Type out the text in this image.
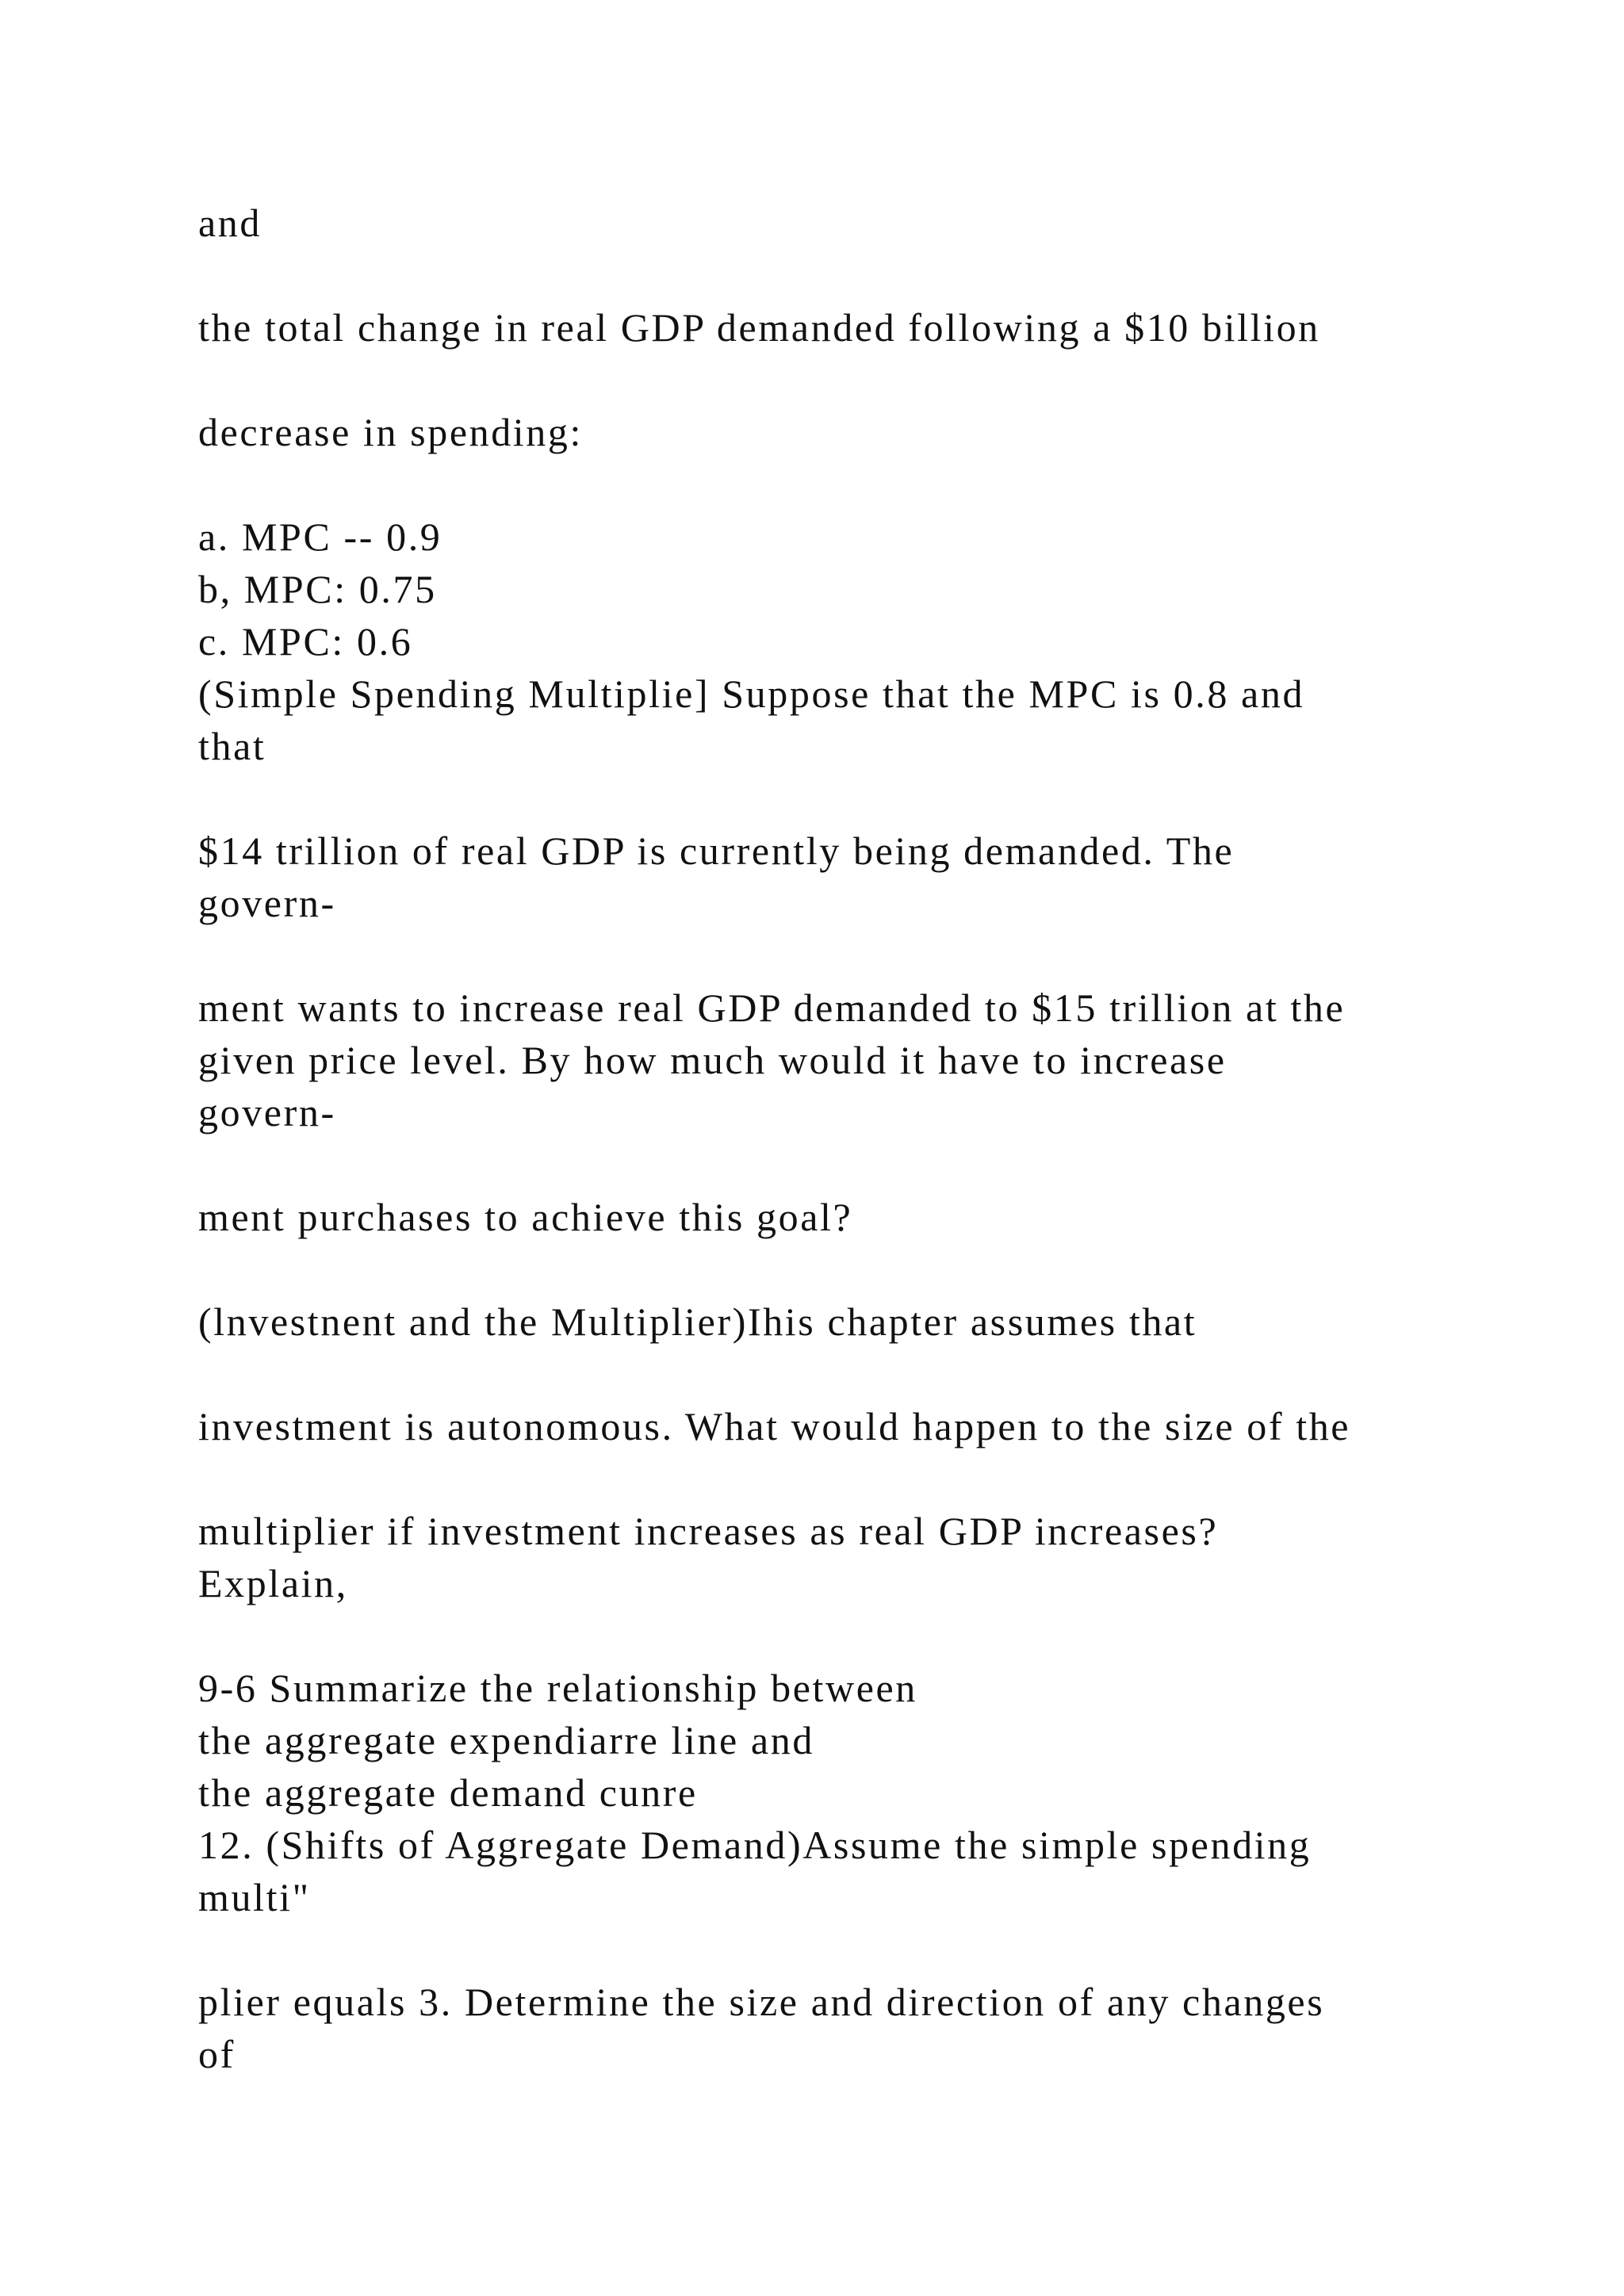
and
the total change in real GDP demanded following a $10 billion
decrease in spending:
a. MPC -- 0.9
b, MPC: 0.75
c. MPC: 0.6
(Simple Spending Multiplie] Suppose that the MPC is 0.8 and
that
$14 trillion of real GDP is currently being demanded. The
govern-
ment wants to increase real GDP demanded to $15 trillion at the
given price level. By how much would it have to increase
govern-
ment purchases to achieve this goal?
(lnvestnent and the Multiplier)Ihis chapter assumes that
investment is autonomous. What would happen to the size of the
multiplier if investment increases as real GDP increases?
Explain,
9-6 Summarize the relationship between
the aggregate expendiarre line and
the aggregate demand cunre
12. (Shifts of Aggregate Demand)Assume the simple spending
multi"
plier equals 3. Determine the size and direction of any changes
of
